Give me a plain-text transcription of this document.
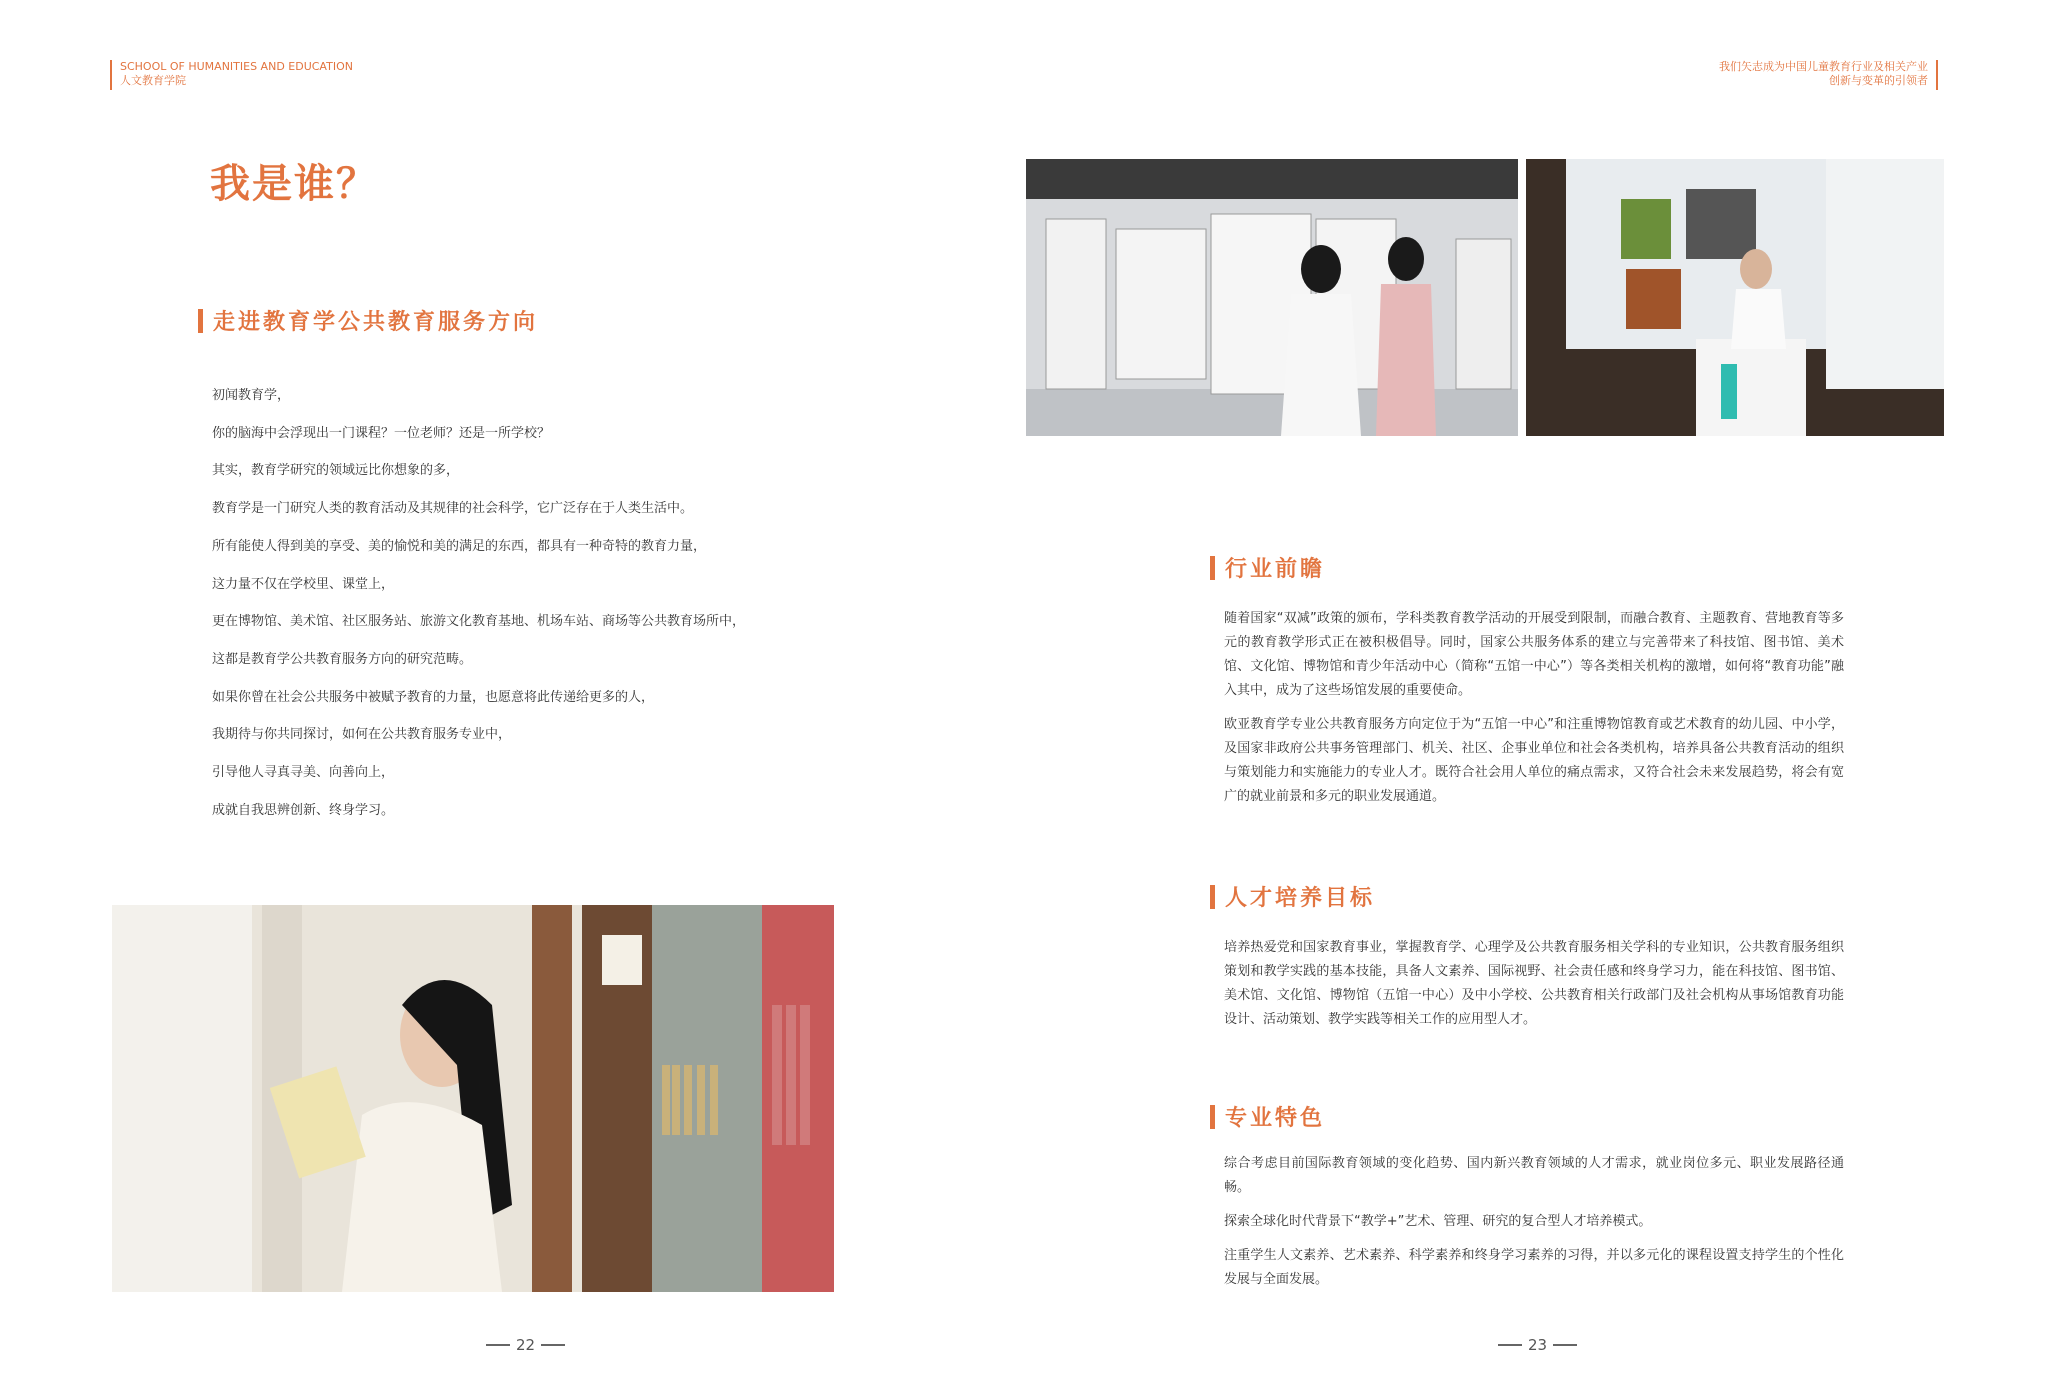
SCHOOL OF HUMANITIES AND EDUCATION
人文教育学院
我们矢志成为中国儿童教育行业及相关产业
创新与变革的引领者
我是谁？
走进教育学公共教育服务方向

初闻教育学，

你的脑海中会浮现出一门课程？一位老师？还是一所学校？

其实，教育学研究的领域远比你想象的多，

教育学是一门研究人类的教育活动及其规律的社会科学，它广泛存在于人类生活中。

所有能使人得到美的享受、美的愉悦和美的满足的东西，都具有一种奇特的教育力量，

这力量不仅在学校里、课堂上，

更在博物馆、美术馆、社区服务站、旅游文化教育基地、机场车站、商场等公共教育场所中，

这都是教育学公共教育服务方向的研究范畴。

如果你曾在社会公共服务中被赋予教育的力量，也愿意将此传递给更多的人，

我期待与你共同探讨，如何在公共教育服务专业中，

引导他人寻真寻美、向善向上，

成就自我思辨创新、终身学习。

行业前瞻

随着国家“双减”政策的颁布，学科类教育教学活动的开展受到限制，而融合教育、主题教育、营地教育等多元的教育教学形式正在被积极倡导。同时，国家公共服务体系的建立与完善带来了科技馆、图书馆、美术馆、文化馆、博物馆和青少年活动中心（简称“五馆一中心”）等各类相关机构的激增，如何将“教育功能”融入其中，成为了这些场馆发展的重要使命。

欧亚教育学专业公共教育服务方向定位于为“五馆一中心”和注重博物馆教育或艺术教育的幼儿园、中小学，及国家非政府公共事务管理部门、机关、社区、企事业单位和社会各类机构，培养具备公共教育活动的组织与策划能力和实施能力的专业人才。既符合社会用人单位的痛点需求，又符合社会未来发展趋势，将会有宽广的就业前景和多元的职业发展通道。

人才培养目标

培养热爱党和国家教育事业，掌握教育学、心理学及公共教育服务相关学科的专业知识，公共教育服务组织策划和教学实践的基本技能，具备人文素养、国际视野、社会责任感和终身学习力，能在科技馆、图书馆、美术馆、文化馆、博物馆（五馆一中心）及中小学校、公共教育相关行政部门及社会机构从事场馆教育功能设计、活动策划、教学实践等相关工作的应用型人才。

专业特色

综合考虑目前国际教育领域的变化趋势、国内新兴教育领域的人才需求，就业岗位多元、职业发展路径通畅。

探索全球化时代背景下“教学+”艺术、管理、研究的复合型人才培养模式。

注重学生人文素养、艺术素养、科学素养和终身学习素养的习得，并以多元化的课程设置支持学生的个性化发展与全面发展。

22	23
